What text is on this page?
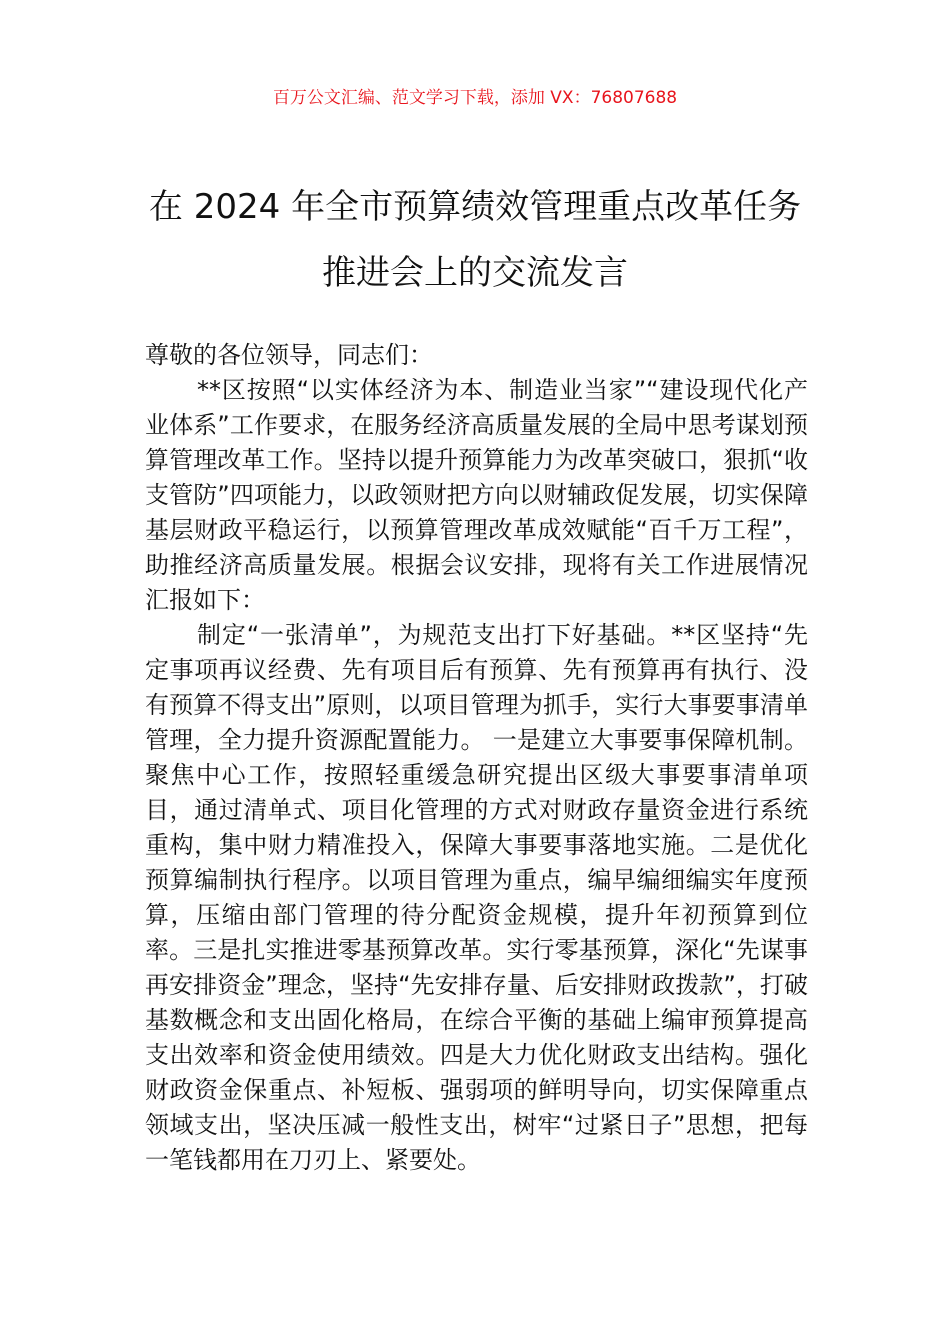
百万公文汇编、范文学习下载，添加 VX：76807688
在 2024 年全市预算绩效管理重点改革任务
推进会上的交流发言

尊敬的各位领导，同志们：

**区按照“以实体经济为本、制造业当家”“建设现代化产业体系”工作要求，在服务经济高质量发展的全局中思考谋划预算管理改革工作。坚持以提升预算能力为改革突破口，狠抓“收支管防”四项能力，以政领财把方向以财辅政促发展，切实保障基层财政平稳运行，以预算管理改革成效赋能“百千万工程”，助推经济高质量发展。根据会议安排，现将有关工作进展情况汇报如下：

制定“一张清单”，为规范支出打下好基础。**区坚持“先定事项再议经费、先有项目后有预算、先有预算再有执行、没有预算不得支出”原则，以项目管理为抓手，实行大事要事清单管理，全力提升资源配置能力。 一是建立大事要事保障机制。聚焦中心工作，按照轻重缓急研究提出区级大事要事清单项目，通过清单式、项目化管理的方式对财政存量资金进行系统重构，集中财力精准投入，保障大事要事落地实施。二是优化预算编制执行程序。以项目管理为重点，编早编细编实年度预算，压缩由部门管理的待分配资金规模，提升年初预算到位率。三是扎实推进零基预算改革。实行零基预算，深化“先谋事再安排资金”理念，坚持“先安排存量、后安排财政拨款”，打破基数概念和支出固化格局，在综合平衡的基础上编审预算提高支出效率和资金使用绩效。四是大力优化财政支出结构。强化财政资金保重点、补短板、强弱项的鲜明导向，切实保障重点领域支出，坚决压减一般性支出，树牢“过紧日子”思想，把每一笔钱都用在刀刃上、紧要处。
